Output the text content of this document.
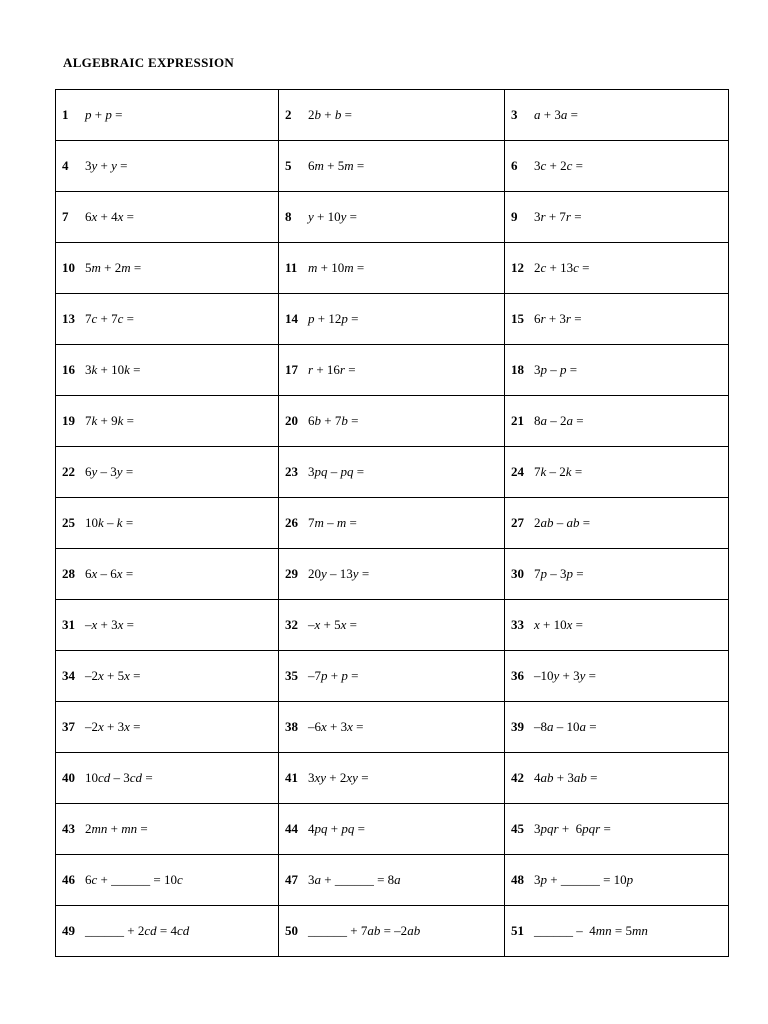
ALGEBRAIC EXPRESSION
1 p + p =	2 2b + b =	3 a + 3a =
4 3y + y =	5 6m + 5m =	6 3c + 2c =
7 6x + 4x =	8 y + 10y =	9 3r + 7r =
10 5m + 2m =	11 m + 10m =	12 2c + 13c =
13 7c + 7c =	14 p + 12p =	15 6r + 3r =
16 3k + 10k =	17 r + 16r =	18 3p – p =
19 7k + 9k =	20 6b + 7b =	21 8a – 2a =
22 6y – 3y =	23 3pq – pq =	24 7k – 2k =
25 10k – k =	26 7m – m =	27 2ab – ab =
28 6x – 6x =	29 20y – 13y =	30 7p – 3p =
31 –x + 3x =	32 –x + 5x =	33 x + 10x =
34 –2x + 5x =	35 –7p + p =	36 –10y + 3y =
37 –2x + 3x =	38 –6x + 3x =	39 –8a – 10a =
40 10cd – 3cd =	41 3xy + 2xy =	42 4ab + 3ab =
43 2mn + mn =	44 4pq + pq =	45 3pqr +  6pqr =
46 6c + ______ = 10c	47 3a + ______ = 8a	48 3p + ______ = 10p
49 ______ + 2cd = 4cd	50 ______ + 7ab = –2ab	51 ______ –  4mn = 5mn
